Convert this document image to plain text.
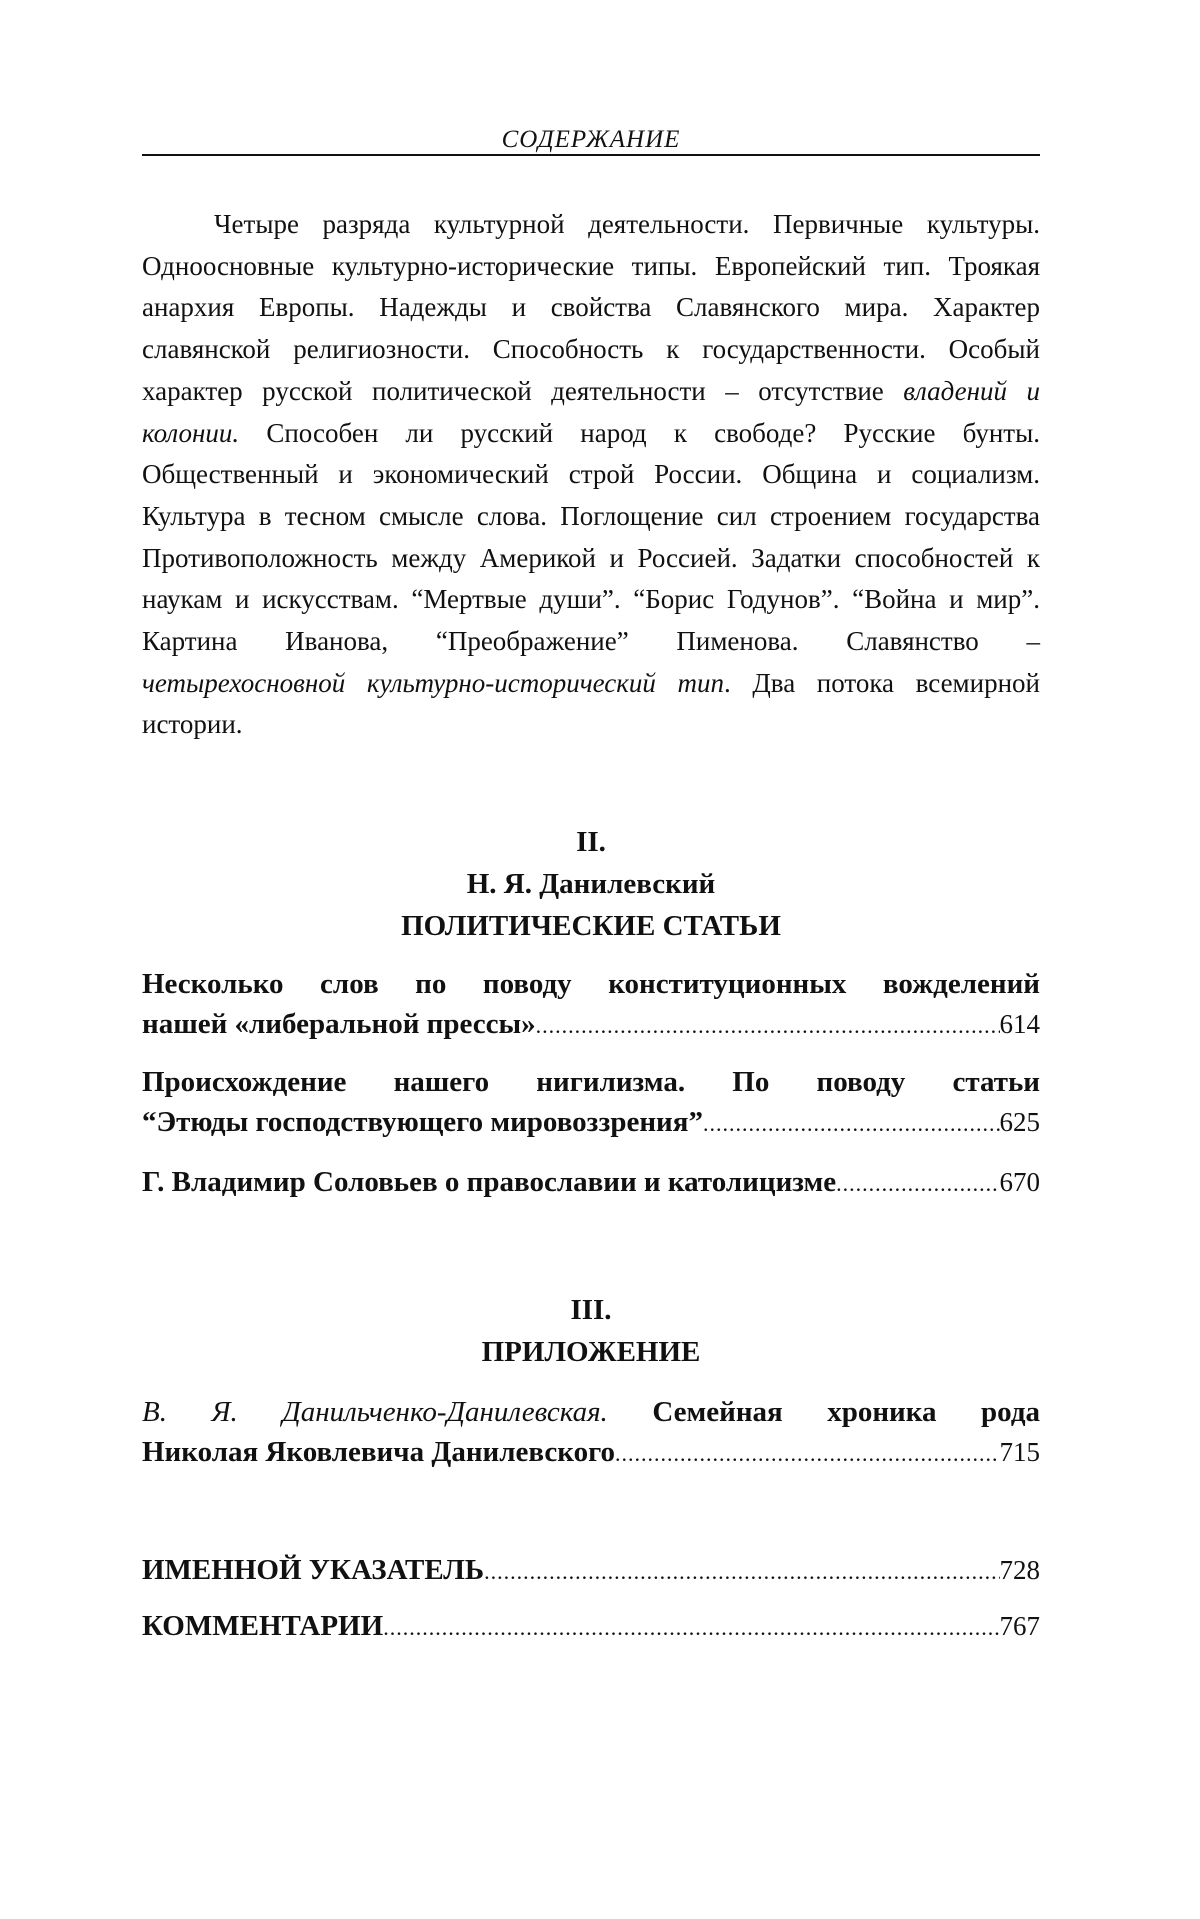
СОДЕРЖАНИЕ

Четыре разряда культурной деятельности. Первичные культуры. Одноосновные культурно-исторические типы. Европейский тип. Троякая анархия Европы. Надежды и свойства Славянского мира. Характер славянской религиозности. Способность к государственности. Особый характер русской политической деятельности – отсутствие владений и колонии. Способен ли русский народ к свободе? Русские бунты. Общественный и экономический строй России. Община и социализм. Культура в тесном смысле слова. Поглощение сил строением государства Противоположность между Америкой и Россией. Задатки способностей к наукам и искусствам. “Мертвые души”. “Борис Годунов”. “Война и мир”. Картина Иванова, “Преображение” Пименова. Славянство – четырехосновной культурно-исторический тип. Два потока всемирной истории.

II.
Н. Я. Данилевский
ПОЛИТИЧЕСКИЕ СТАТЬИ
Несколько слов по поводу конституционных вожделений
нашей «либеральной прессы» .....	614
Происхождение нашего нигилизма. По поводу статьи
“Этюды господствующего мировоззрения” .....	625
Г. Владимир Соловьев о православии и католицизме .....	670
III.
ПРИЛОЖЕНИЕ
В. Я. Данильченко-Данилевская. Семейная хроника рода
Николая Яковлевича Данилевского .....	715
ИМЕННОЙ УКАЗАТЕЛЬ .....	728
КОММЕНТАРИИ .....	767
